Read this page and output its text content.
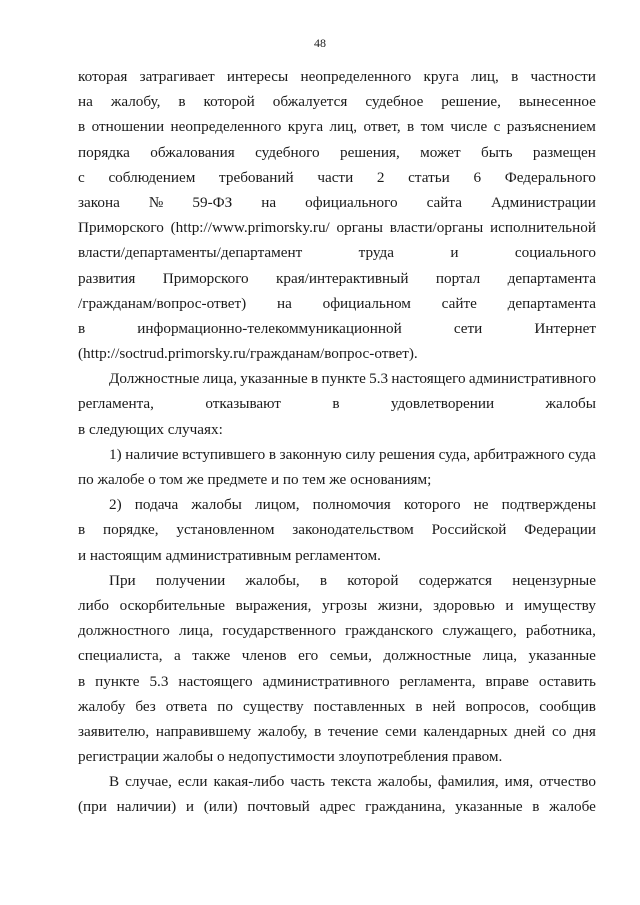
48
которая затрагивает интересы неопределенного круга лиц, в частности
на жалобу, в которой обжалуется судебное решение, вынесенное
в отношении неопределенного круга лиц, ответ, в том числе с разъяснением
порядка обжалования судебного решения, может быть размещен
с соблюдением требований части 2 статьи 6 Федерального
закона № 59-ФЗ на официального сайта Администрации
Приморского (http://www.primorsky.ru/ органы власти/органы исполнительной
власти/департаменты/департамент	труда	и	социального
развития Приморского края/интерактивный портал департамента
/гражданам/вопрос-ответ) на официальном сайте департамента
в	информационно-телекоммуникационной	сети	Интернет
(http://soctrud.primorsky.ru/гражданам/вопрос-ответ).
Должностные лица, указанные в пункте 5.3 настоящего административного
регламента,	отказывают	в	удовлетворении	жалобы
в следующих случаях:
1) наличие вступившего в законную силу решения суда, арбитражного суда
по жалобе о том же предмете и по тем же основаниям;
2) подача жалобы лицом, полномочия которого не подтверждены
в порядке, установленном законодательством Российской Федерации
и настоящим административным регламентом.
При получении жалобы, в которой содержатся нецензурные
либо оскорбительные выражения, угрозы жизни, здоровью и имуществу
должностного лица, государственного гражданского служащего, работника,
специалиста, а также членов его семьи, должностные лица, указанные
в пункте 5.3 настоящего административного регламента, вправе оставить
жалобу без ответа по существу поставленных в ней вопросов, сообщив
заявителю, направившему жалобу, в течение семи календарных дней со дня
регистрации жалобы о недопустимости злоупотребления правом.
В случае, если какая-либо часть текста жалобы, фамилия, имя, отчество
(при наличии) и (или) почтовый адрес гражданина, указанные в жалобе
